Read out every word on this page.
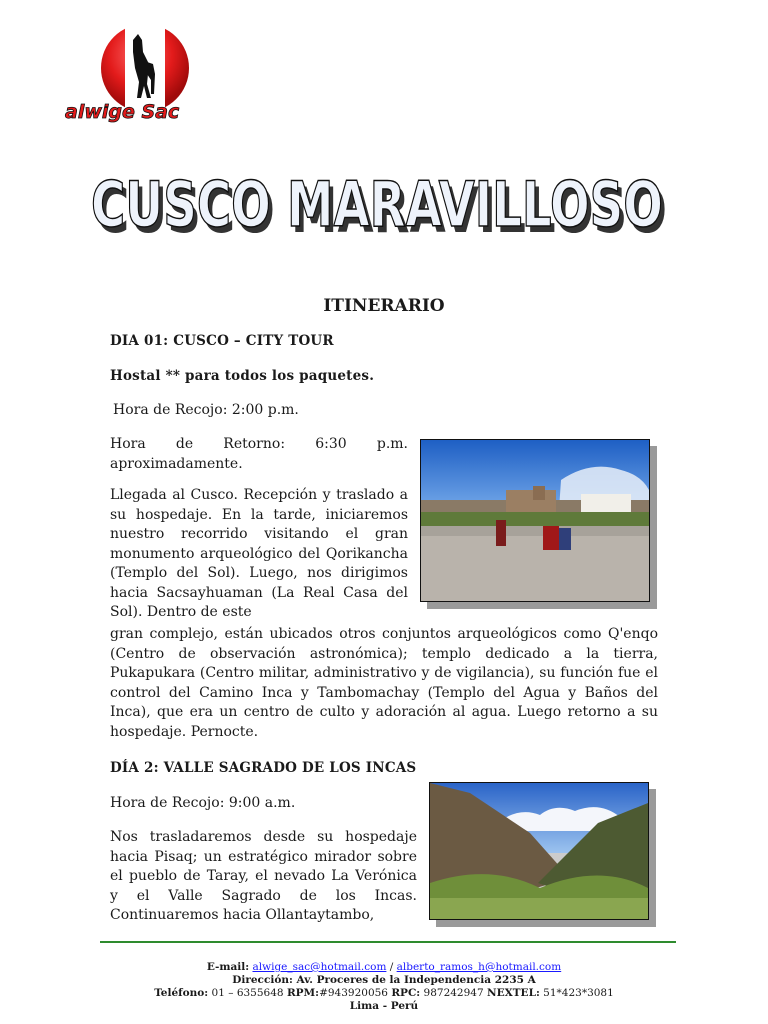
alwige Sac
CUSCO MARAVILLOSO
CUSCO MARAVILLOSO
ITINERARIO
DIA 01: CUSCO – CITY TOUR
Hostal ** para todos los paquetes.
Hora de Recojo: 2:00 p.m.
Hora de Retorno: 6:30 p.m. aproximadamente.
Llegada al Cusco. Recepción y traslado a su hospedaje. En la tarde, iniciaremos nuestro recorrido visitando el gran monumento arqueológico del Qorikancha (Templo del Sol). Luego, nos dirigimos hacia Sacsayhuaman (La Real Casa del Sol). Dentro de este
gran complejo, están ubicados otros conjuntos arqueológicos como Q'enqo (Centro de observación astronómica); templo dedicado a la tierra, Pukapukara (Centro militar, administrativo y de vigilancia), su función fue el control del Camino Inca y Tambomachay (Templo del Agua y Baños del Inca), que era un centro de culto y adoración al agua. Luego retorno a su hospedaje. Pernocte.
DÍA 2: VALLE SAGRADO DE LOS INCAS
Hora de Recojo: 9:00 a.m.
Nos trasladaremos desde su hospedaje hacia Pisaq; un estratégico mirador sobre el pueblo de Taray, el nevado La Verónica y el Valle Sagrado de los Incas. Continuaremos hacia Ollantaytambo,
E-mail: alwige_sac@hotmail.com / alberto_ramos_h@hotmail.com
Dirección: Av. Proceres de la Independencia 2235 A
Teléfono: 01 – 6355648 RPM:#943920056 RPC: 987242947 NEXTEL: 51*423*3081
Lima - Perú
